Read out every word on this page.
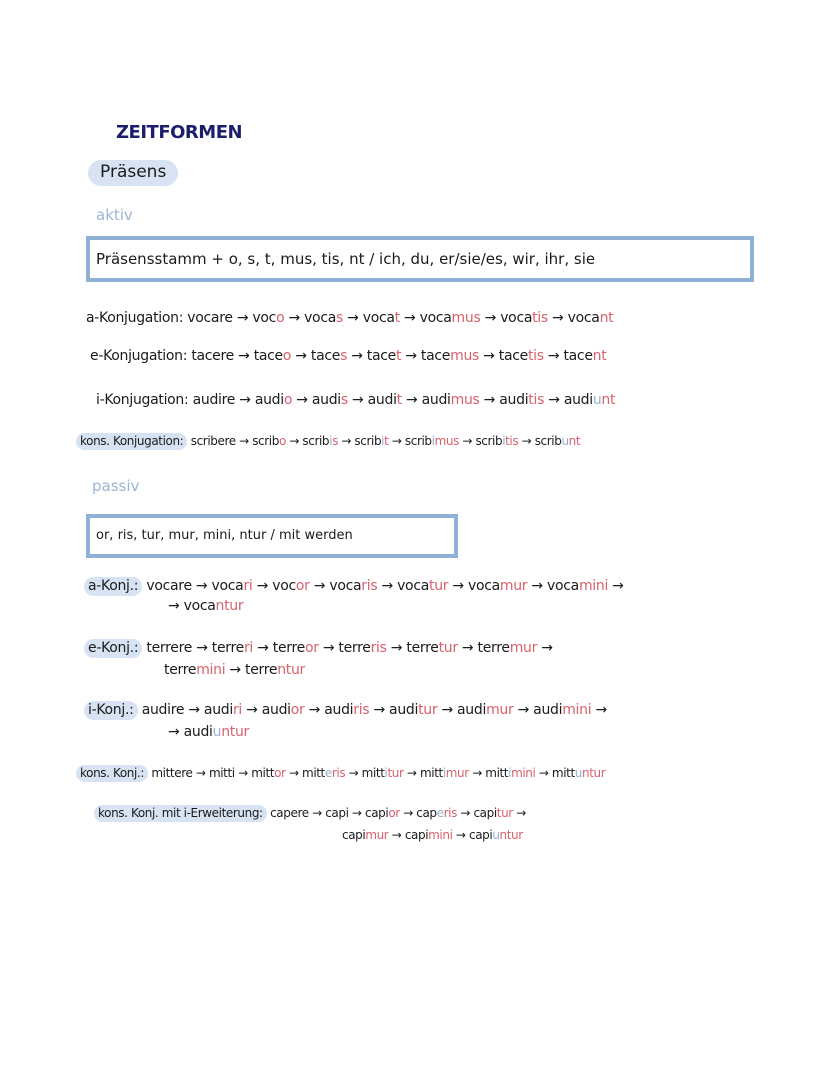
ZEITFORMEN
Präsens
aktiv
Präsensstamm + o, s, t, mus, tis, nt / ich, du, er/sie/es, wir, ihr, sie
a-Konjugation: vocare → voco → vocas → vocat → vocamus → vocatis → vocant
e-Konjugation: tacere → taceo → taces → tacet → tacemus → tacetis → tacent
i-Konjugation: audire → audio → audis → audit → audimus → auditis → audiunt
kons. Konjugation: scribere → scribo → scribis → scribit → scribimus → scribitis → scribunt
passiv
or, ris, tur, mur, mini, ntur / mit werden
a-Konj.: vocare → vocari → vocor → vocaris → vocatur → vocamur → vocamini →
→ vocantur
e-Konj.: terrere → terreri → terreor → terreris → terretur → terremur →
terremini → terrentur
i-Konj.: audire → audiri → audior → audiris → auditur → audimur → audimini →
→ audiuntur
kons. Konj.: mittere → mitti → mittor → mitteris → mittitur → mittimur → mittimini → mittuntur
kons. Konj. mit i-Erweiterung: capere → capi → capior → caperis → capitur →
capimur → capimini → capiuntur
